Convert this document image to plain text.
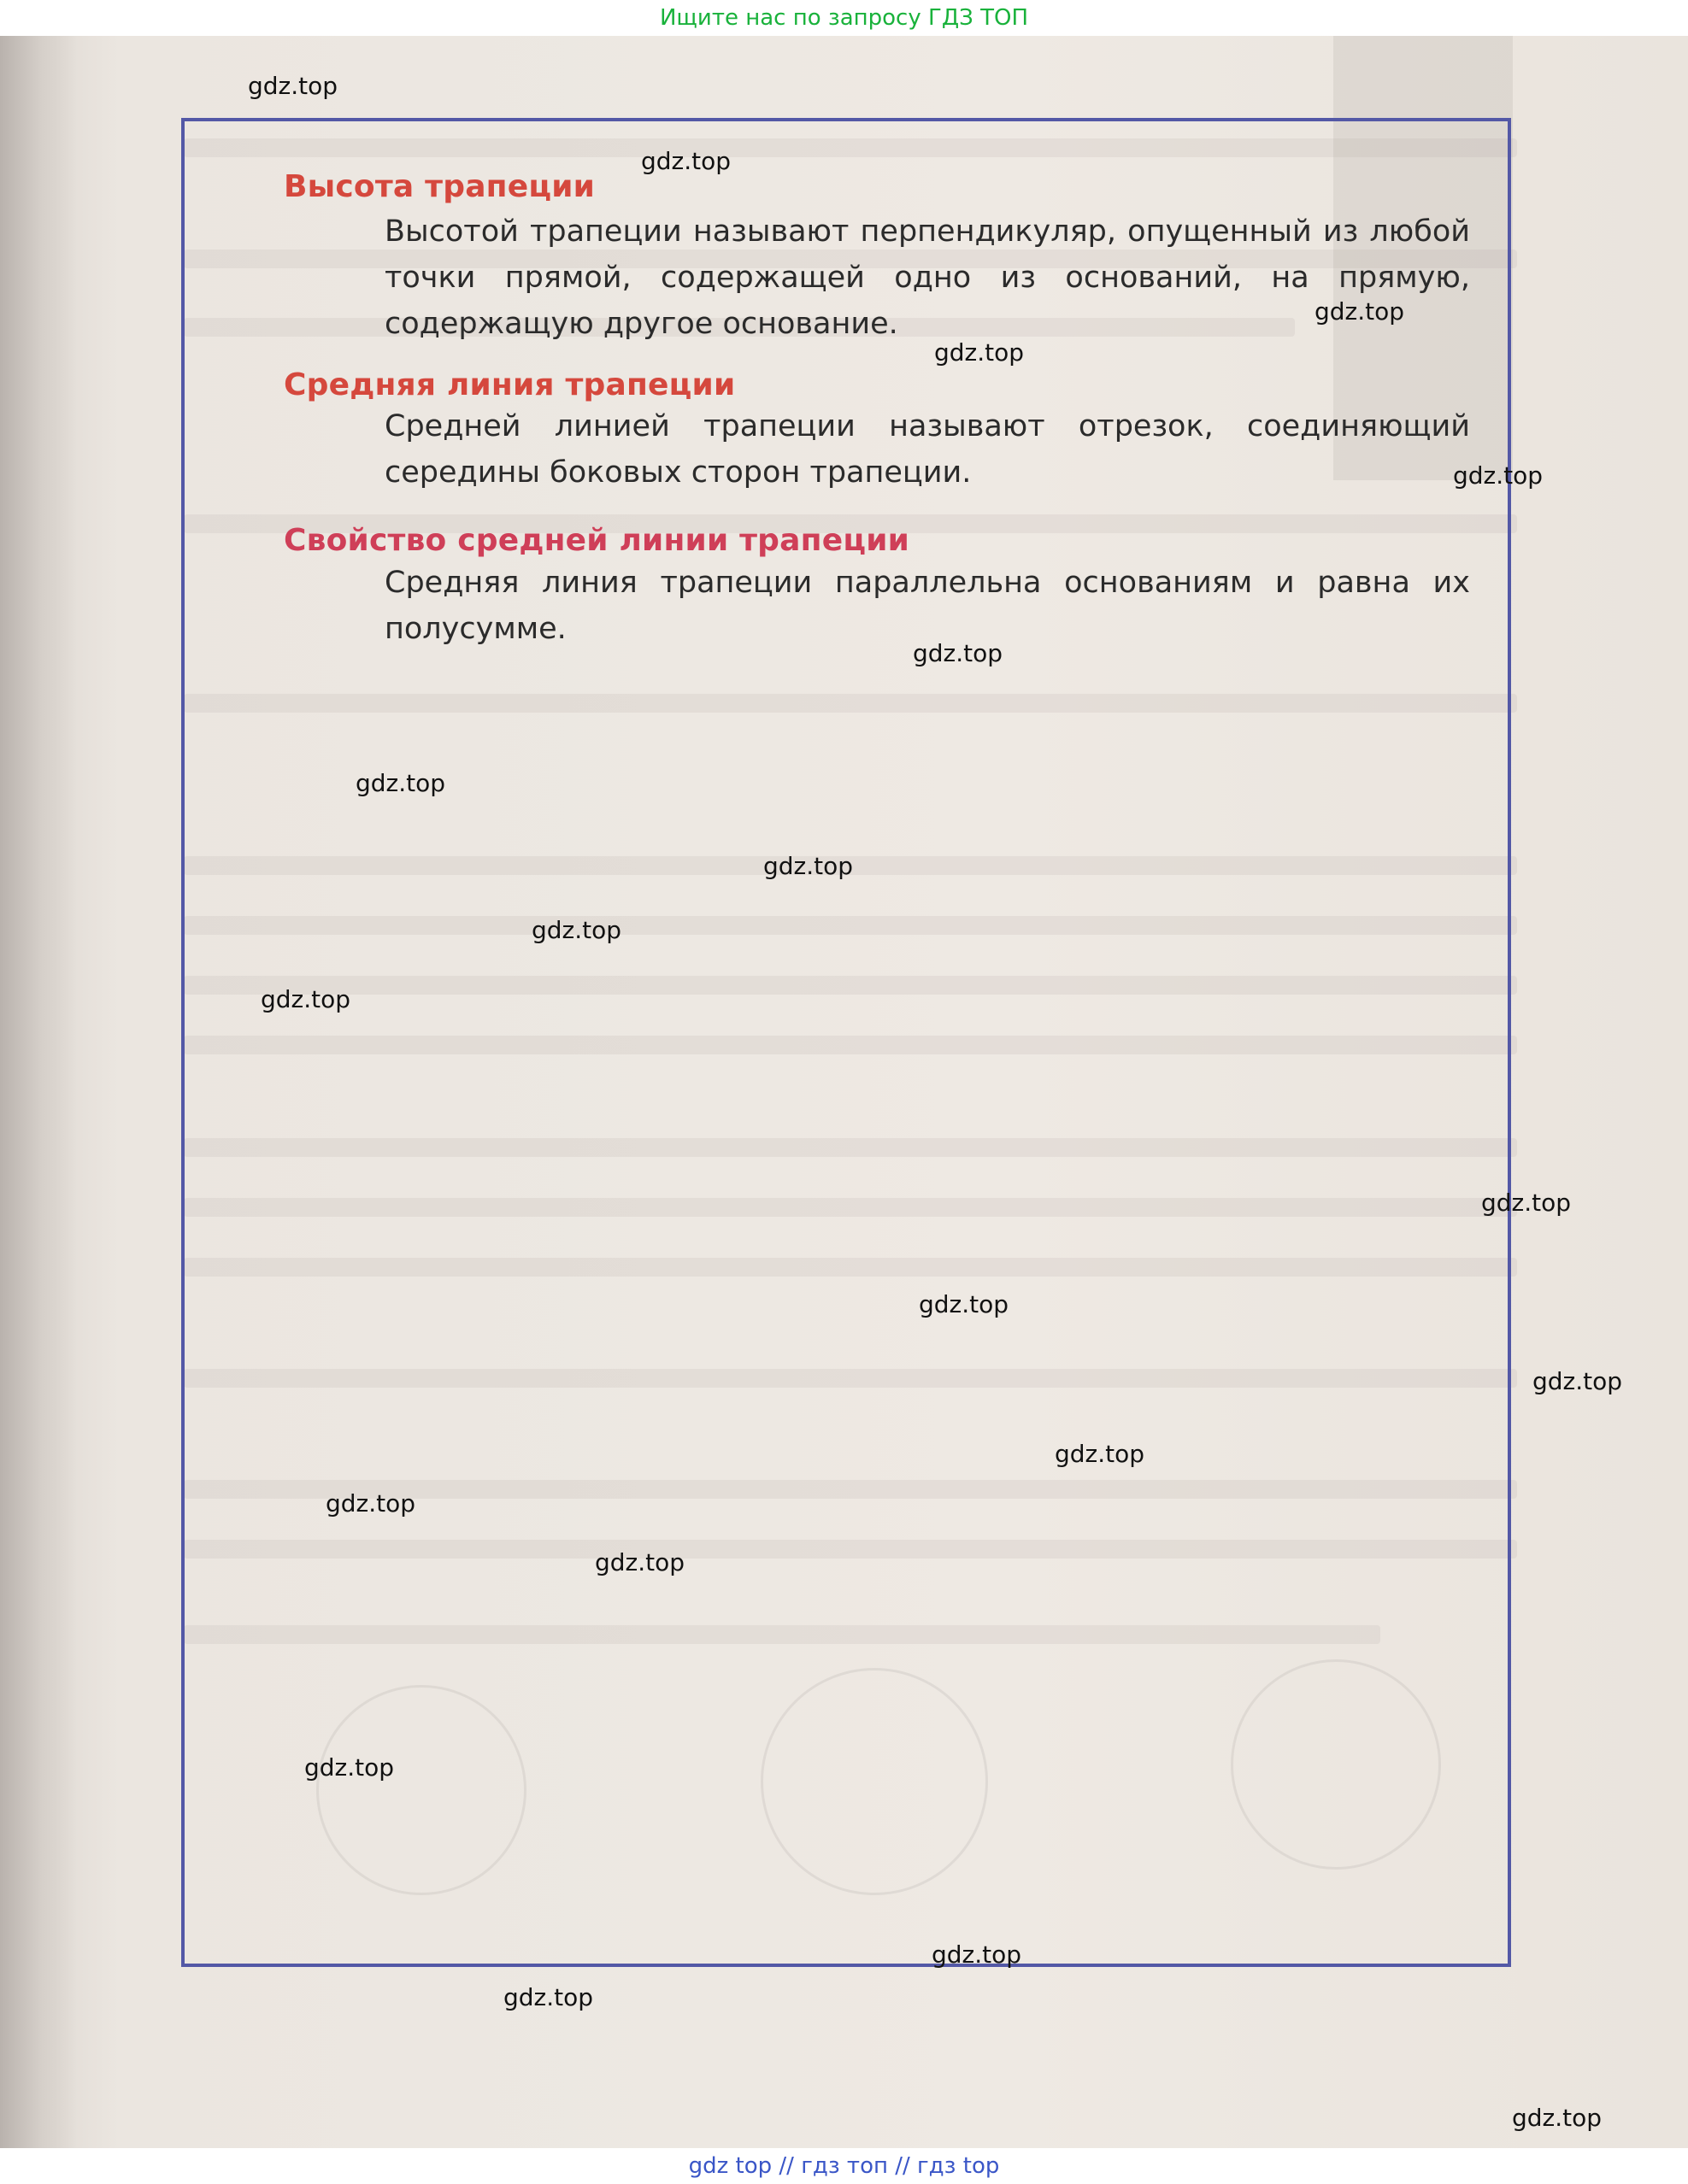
Ищите нас по запросу ГДЗ ТОП
Высота трапеции
Высотой трапеции называют перпендикуляр, опущенный из любой точки прямой, содержащей одно из оснований, на прямую, содержащую другое основание.
Средняя линия трапеции
Средней линией трапеции называют отрезок, соединяющий середины боковых сторон трапеции.
Свойство средней линии трапеции
Средняя линия трапеции параллельна основаниям и равна их полусумме.
gdz.top
gdz.top
gdz.top
gdz.top
gdz.top
gdz.top
gdz.top
gdz.top
gdz.top
gdz.top
gdz.top
gdz.top
gdz.top
gdz.top
gdz.top
gdz.top
gdz.top
gdz.top
gdz.top
gdz.top
gdz top // гдз топ // гдз top
